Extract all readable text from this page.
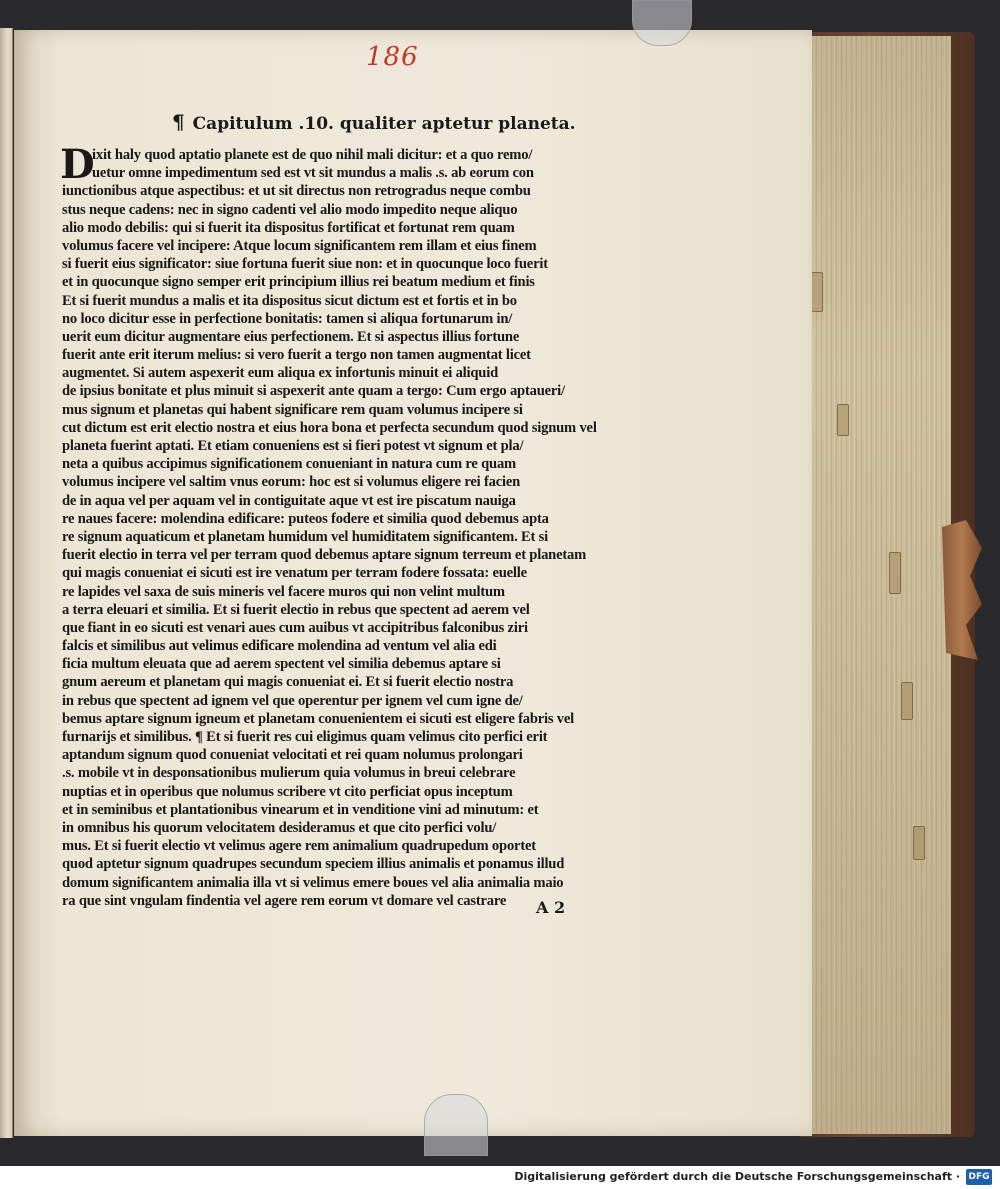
186
¶ Capitulum .10. qualiter aptetur planeta.
D
ixit haly quod aptatio planete est de quo nihil mali dicitur: et a quo remo/
uetur omne impedimentum sed est vt sit mundus a malis .s. ab eorum con
iunctionibus atque aspectibus: et ut sit directus non retrogradus neque combu
stus neque cadens: nec in signo cadenti vel alio modo impedito neque aliquo
alio modo debilis: qui si fuerit ita dispositus fortificat et fortunat rem quam
volumus facere vel incipere: Atque locum significantem rem illam et eius finem
si fuerit eius significator: siue fortuna fuerit siue non: et in quocunque loco fuerit
et in quocunque signo semper erit principium illius rei beatum medium et finis
Et si fuerit mundus a malis et ita dispositus sicut dictum est et fortis et in bo
no loco dicitur esse in perfectione bonitatis: tamen si aliqua fortunarum in/
uerit eum dicitur augmentare eius perfectionem. Et si aspectus illius fortune
fuerit ante erit iterum melius: si vero fuerit a tergo non tamen augmentat licet
augmentet. Si autem aspexerit eum aliqua ex infortunis minuit ei aliquid
de ipsius bonitate et plus minuit si aspexerit ante quam a tergo: Cum ergo aptaueri/
mus signum et planetas qui habent significare rem quam volumus incipere si
cut dictum est erit electio nostra et eius hora bona et perfecta secundum quod signum vel
planeta fuerint aptati. Et etiam conueniens est si fieri potest vt signum et pla/
neta a quibus accipimus significationem conueniant in natura cum re quam
volumus incipere vel saltim vnus eorum: hoc est si volumus eligere rei facien
de in aqua vel per aquam vel in contiguitate aque vt est ire piscatum nauiga
re naues facere: molendina edificare: puteos fodere et similia quod debemus apta
re signum aquaticum et planetam humidum vel humiditatem significantem. Et si
fuerit electio in terra vel per terram quod debemus aptare signum terreum et planetam
qui magis conueniat ei sicuti est ire venatum per terram fodere fossata: euelle
re lapides vel saxa de suis mineris vel facere muros qui non velint multum
a terra eleuari et similia. Et si fuerit electio in rebus que spectent ad aerem vel
que fiant in eo sicuti est venari aues cum auibus vt accipitribus falconibus ziri
falcis et similibus aut velimus edificare molendina ad ventum vel alia edi
ficia multum eleuata que ad aerem spectent vel similia debemus aptare si
gnum aereum et planetam qui magis conueniat ei. Et si fuerit electio nostra
in rebus que spectent ad ignem vel que operentur per ignem vel cum igne de/
bemus aptare signum igneum et planetam conuenientem ei sicuti est eligere fabris vel
furnarijs et similibus. ¶ Et si fuerit res cui eligimus quam velimus cito perfici erit
aptandum signum quod conueniat velocitati et rei quam nolumus prolongari
.s. mobile vt in desponsationibus mulierum quia volumus in breui celebrare
nuptias et in operibus que nolumus scribere vt cito perficiat opus inceptum
et in seminibus et plantationibus vinearum et in venditione vini ad minutum: et
in omnibus his quorum velocitatem desideramus et que cito perfici volu/
mus. Et si fuerit electio vt velimus agere rem animalium quadrupedum oportet
quod aptetur signum quadrupes secundum speciem illius animalis et ponamus illud
domum significantem animalia illa vt si velimus emere boues vel alia animalia maio
ra que sint vngulam findentia vel agere rem eorum vt domare vel castrare	A 2
Digitalisierung gefördert durch die Deutsche Forschungsgemeinschaft · DFG
